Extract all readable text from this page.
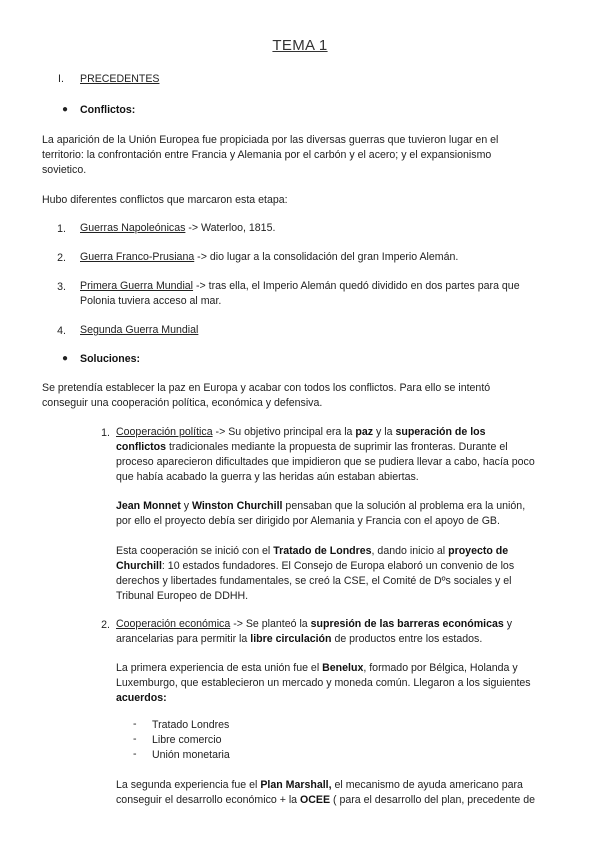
TEMA 1
I. PRECEDENTES
● Conflictos:

La aparición de la Unión Europea fue propiciada por las diversas guerras que tuvieron lugar en el
territorio: la confrontación entre Francia y Alemania por el carbón y el acero; y el expansionismo
sovietico.

Hubo diferentes conflictos que marcaron esta etapa:

1. Guerras Napoleónicas -> Waterloo, 1815.

2. Guerra Franco-Prusiana -> dio lugar a la consolidación del gran Imperio Alemán.

3. Primera Guerra Mundial -> tras ella, el Imperio Alemán quedó dividido en dos partes para que
Polonia tuviera acceso al mar.

4. Segunda Guerra Mundial

● Soluciones:

Se pretendía establecer la paz en Europa y acabar con todos los conflictos. Para ello se intentó
conseguir una cooperación política, económica y defensiva.

1. Cooperación política -> Su objetivo principal era la paz y la superación de los
conflictos tradicionales mediante la propuesta de suprimir las fronteras. Durante el
proceso aparecieron dificultades que impidieron que se pudiera llevar a cabo, hacía poco
que había acabado la guerra y las heridas aún estaban abiertas.

Jean Monnet y Winston Churchill pensaban que la solución al problema era la unión,
por ello el proyecto debía ser dirigido por Alemania y Francia con el apoyo de GB.

Esta cooperación se inició con el Tratado de Londres, dando inicio al proyecto de
Churchill: 10 estados fundadores. El Consejo de Europa elaboró un convenio de los
derechos y libertades fundamentales, se creó la CSE, el Comité de Dºs sociales y el
Tribunal Europeo de DDHH.

2. Cooperación económica -> Se planteó la supresión de las barreras económicas y
arancelarias para permitir la libre circulación de productos entre los estados.

La primera experiencia de esta unión fue el Benelux, formado por Bélgica, Holanda y
Luxemburgo, que establecieron un mercado y moneda común. Llegaron a los siguientes
acuerdos:

-	Tratado Londres

-	Libre comercio

-	Unión monetaria

La segunda experiencia fue el Plan Marshall, el mecanismo de ayuda americano para
conseguir el desarrollo económico + la OCEE ( para el desarrollo del plan, precedente de
